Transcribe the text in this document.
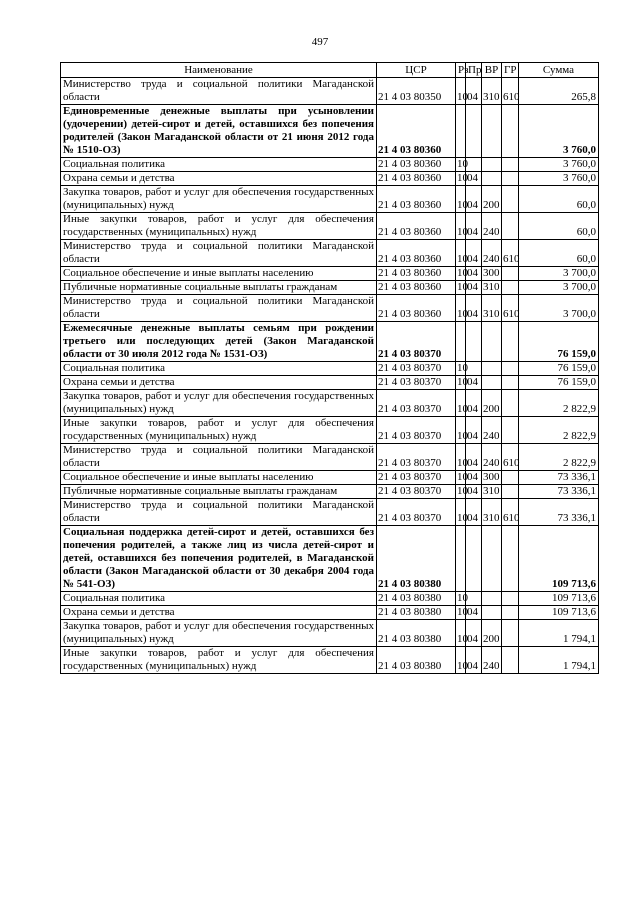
497
Наименование	ЦСР	Рз	Пр	ВР	ГР	Сумма
Министерство труда и социальной политики Магаданской области	21 4 03 80350	10	04	310	610	265,8
Единовременные денежные выплаты при усыновлении (удочерении) детей-сирот и детей, оставшихся без попечения родителей (Закон Магаданской области от 21 июня 2012 года № 1510-ОЗ)	21 4 03 80360					3 760,0
Социальная политика	21 4 03 80360	10				3 760,0
Охрана семьи и детства	21 4 03 80360	10	04			3 760,0
Закупка товаров, работ и услуг для обеспечения государственных (муниципальных) нужд	21 4 03 80360	10	04	200		60,0
Иные закупки товаров, работ и услуг для обеспечения государственных (муниципальных) нужд	21 4 03 80360	10	04	240		60,0
Министерство труда и социальной политики Магаданской области	21 4 03 80360	10	04	240	610	60,0
Социальное обеспечение и иные выплаты населению	21 4 03 80360	10	04	300		3 700,0
Публичные нормативные социальные выплаты гражданам	21 4 03 80360	10	04	310		3 700,0
Министерство труда и социальной политики Магаданской области	21 4 03 80360	10	04	310	610	3 700,0
Ежемесячные денежные выплаты семьям при рождении третьего или последующих детей (Закон Магаданской области от 30 июля 2012 года № 1531-ОЗ)	21 4 03 80370					76 159,0
Социальная политика	21 4 03 80370	10				76 159,0
Охрана семьи и детства	21 4 03 80370	10	04			76 159,0
Закупка товаров, работ и услуг для обеспечения государственных (муниципальных) нужд	21 4 03 80370	10	04	200		2 822,9
Иные закупки товаров, работ и услуг для обеспечения государственных (муниципальных) нужд	21 4 03 80370	10	04	240		2 822,9
Министерство труда и социальной политики Магаданской области	21 4 03 80370	10	04	240	610	2 822,9
Социальное обеспечение и иные выплаты населению	21 4 03 80370	10	04	300		73 336,1
Публичные нормативные социальные выплаты гражданам	21 4 03 80370	10	04	310		73 336,1
Министерство труда и социальной политики Магаданской области	21 4 03 80370	10	04	310	610	73 336,1
Социальная поддержка детей-сирот и детей, оставшихся без попечения родителей, а также лиц из числа детей-сирот и детей, оставшихся без попечения родителей, в Магаданской области (Закон Магаданской области от 30 декабря 2004 года № 541-ОЗ)	21 4 03 80380					109 713,6
Социальная политика	21 4 03 80380	10				109 713,6
Охрана семьи и детства	21 4 03 80380	10	04			109 713,6
Закупка товаров, работ и услуг для обеспечения государственных (муниципальных) нужд	21 4 03 80380	10	04	200		1 794,1
Иные закупки товаров, работ и услуг для обеспечения государственных (муниципальных) нужд	21 4 03 80380	10	04	240		1 794,1
